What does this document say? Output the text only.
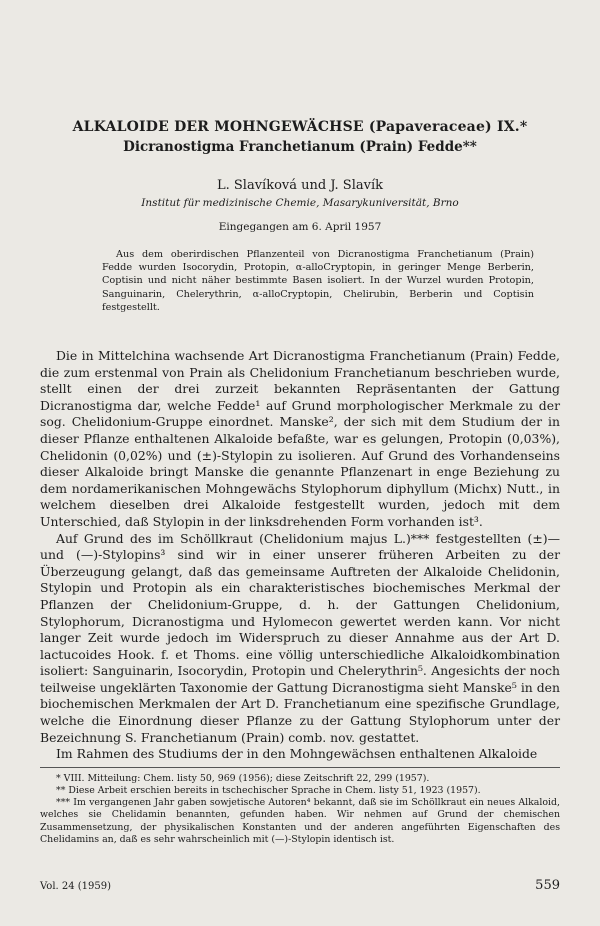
ALKALOIDE DER MOHNGEWÄCHSE (Papaveraceae) IX.*
Dicranostigma Franchetianum (Prain) Fedde**

L. Slavíková und J. Slavík

Institut für medizinische Chemie, Masarykuniversität, Brno

Eingegangen am 6. April 1957

Aus dem oberirdischen Pflanzenteil von Dicranostigma Franchetianum (Prain) Fedde wurden Isocorydin, Protopin, α-alloCryptopin, in geringer Menge Berberin, Coptisin und nicht näher bestimmte Basen isoliert. In der Wurzel wurden Protopin, Sanguinarin, Chelerythrin, α-alloCryptopin, Chelirubin, Berberin und Coptisin festgestellt.

Die in Mittelchina wachsende Art Dicranostigma Franchetianum (Prain) Fedde, die zum erstenmal von Prain als Chelidonium Franchetianum beschrieben wurde, stellt einen der drei zurzeit bekannten Repräsentanten der Gattung Dicranostigma dar, welche Fedde¹ auf Grund morphologischer Merkmale zu der sog. Chelidonium-Gruppe einordnet. Manske², der sich mit dem Studium der in dieser Pflanze enthaltenen Alkaloide befaßte, war es gelungen, Protopin (0,03%), Chelidonin (0,02%) und (±)-Stylopin zu isolieren. Auf Grund des Vorhandenseins dieser Alkaloide bringt Manske die genannte Pflanzenart in enge Beziehung zu dem nordamerikanischen Mohngewächs Stylophorum diphyllum (Michx) Nutt., in welchem dieselben drei Alkaloide festgestellt wurden, jedoch mit dem Unterschied, daß Stylopin in der linksdrehenden Form vorhanden ist³.

Auf Grund des im Schöllkraut (Chelidonium majus L.)*** festgestellten (±)— und (—)-Stylopins³ sind wir in einer unserer früheren Arbeiten zu der Überzeugung gelangt, daß das gemeinsame Auftreten der Alkaloide Chelidonin, Stylopin und Protopin als ein charakteristisches biochemisches Merkmal der Pflanzen der Chelidonium-Gruppe, d. h. der Gattungen Chelidonium, Stylophorum, Dicranostigma und Hylomecon gewertet werden kann. Vor nicht langer Zeit wurde jedoch im Widerspruch zu dieser Annahme aus der Art D. lactucoides Hook. f. et Thoms. eine völlig unterschiedliche Alkaloidkombination isoliert: Sanguinarin, Isocorydin, Protopin und Chelerythrin⁵. Angesichts der noch teilweise ungeklärten Taxonomie der Gattung Dicranostigma sieht Manske⁵ in den biochemischen Merkmalen der Art D. Franchetianum eine spezifische Grundlage, welche die Einordnung dieser Pflanze zu der Gattung Stylophorum unter der Bezeichnung S. Franchetianum (Prain) comb. nov. gestattet.

Im Rahmen des Studiums der in den Mohngewächsen enthaltenen Alkaloide

* VIII. Mitteilung: Chem. listy 50, 969 (1956); diese Zeitschrift 22, 299 (1957).

** Diese Arbeit erschien bereits in tschechischer Sprache in Chem. listy 51, 1923 (1957).

*** Im vergangenen Jahr gaben sowjetische Autoren⁴ bekannt, daß sie im Schöllkraut ein neues Alkaloid, welches sie Chelidamin benannten, gefunden haben. Wir nehmen auf Grund der chemischen Zusammensetzung, der physikalischen Konstanten und der anderen angeführten Eigenschaften des Chelidamins an, daß es sehr wahrscheinlich mit (—)-Stylopin identisch ist.

Vol. 24 (1959)	559
